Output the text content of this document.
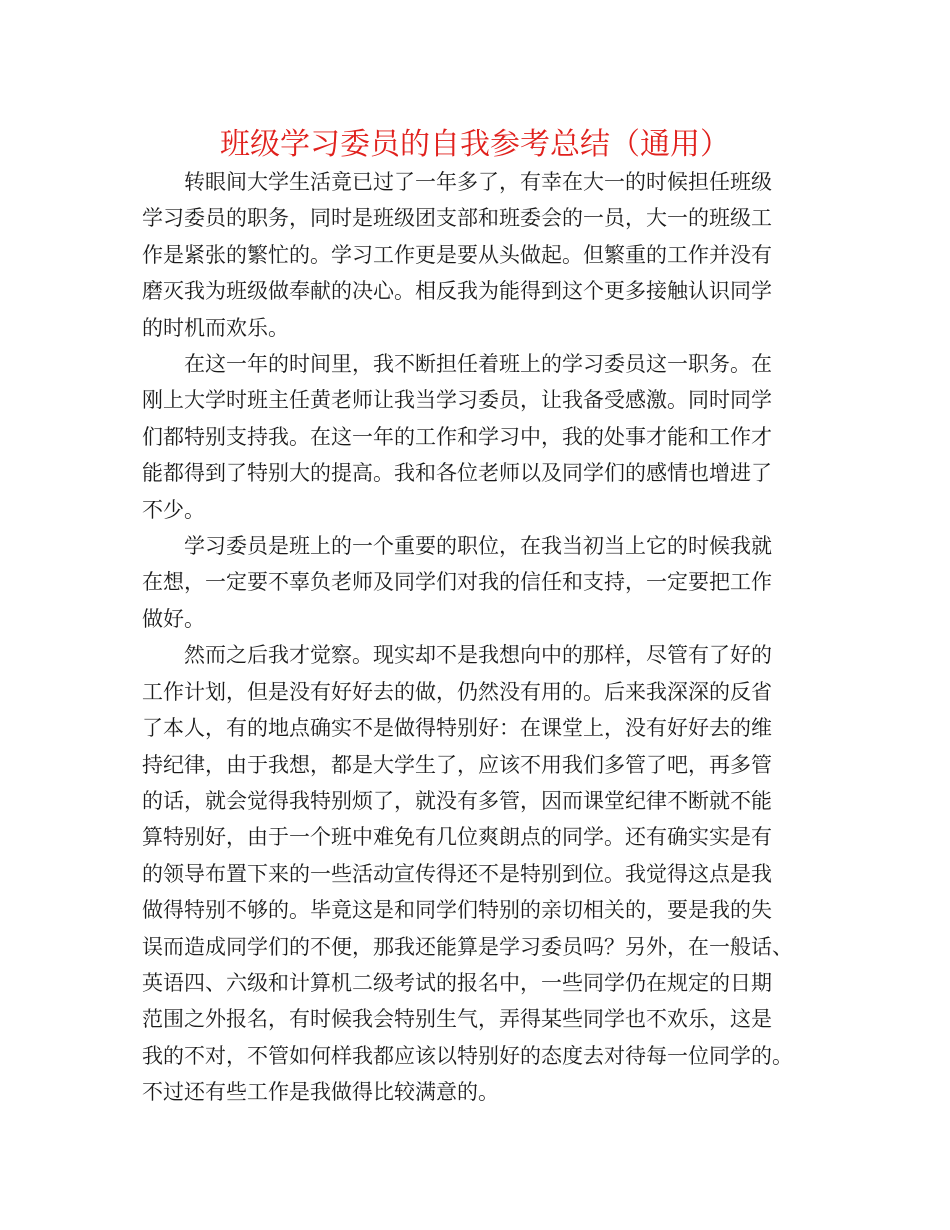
班级学习委员的自我参考总结（通用）
转眼间大学生活竟已过了一年多了，有幸在大一的时候担任班级
学习委员的职务，同时是班级团支部和班委会的一员，大一的班级工
作是紧张的繁忙的。学习工作更是要从头做起。但繁重的工作并没有
磨灭我为班级做奉献的决心。相反我为能得到这个更多接触认识同学
的时机而欢乐。
在这一年的时间里，我不断担任着班上的学习委员这一职务。在
刚上大学时班主任黄老师让我当学习委员，让我备受感激。同时同学
们都特别支持我。在这一年的工作和学习中，我的处事才能和工作才
能都得到了特别大的提高。我和各位老师以及同学们的感情也增进了
不少。
学习委员是班上的一个重要的职位，在我当初当上它的时候我就
在想，一定要不辜负老师及同学们对我的信任和支持，一定要把工作
做好。
然而之后我才觉察。现实却不是我想向中的那样，尽管有了好的
工作计划，但是没有好好去的做，仍然没有用的。后来我深深的反省
了本人，有的地点确实不是做得特别好：在课堂上，没有好好去的维
持纪律，由于我想，都是大学生了，应该不用我们多管了吧，再多管
的话，就会觉得我特别烦了，就没有多管，因而课堂纪律不断就不能
算特别好，由于一个班中难免有几位爽朗点的同学。还有确实实是有
的领导布置下来的一些活动宣传得还不是特别到位。我觉得这点是我
做得特别不够的。毕竟这是和同学们特别的亲切相关的，要是我的失
误而造成同学们的不便，那我还能算是学习委员吗？另外，在一般话、
英语四、六级和计算机二级考试的报名中，一些同学仍在规定的日期
范围之外报名，有时候我会特别生气，弄得某些同学也不欢乐，这是
我的不对，不管如何样我都应该以特别好的态度去对待每一位同学的。
不过还有些工作是我做得比较满意的。
